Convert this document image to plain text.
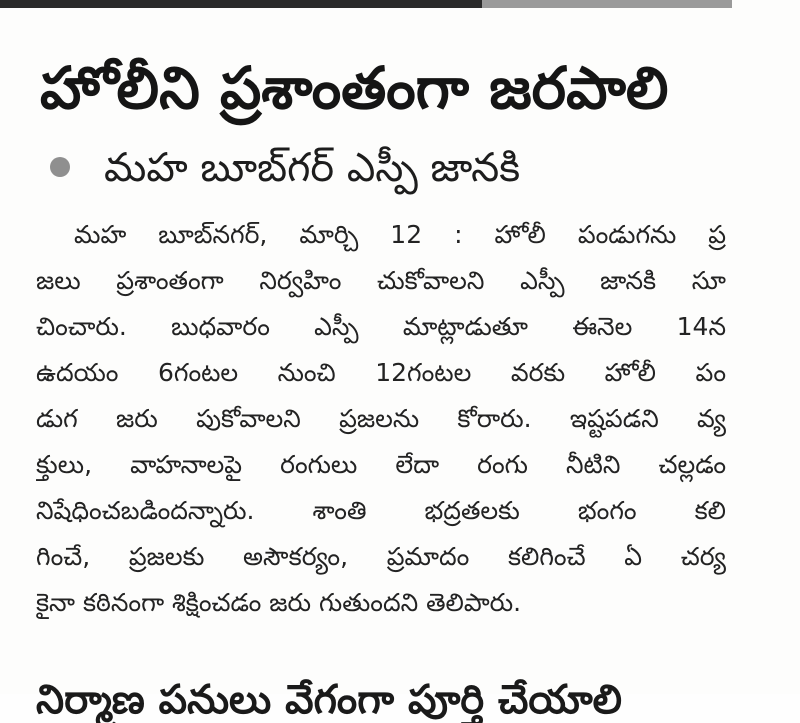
హోలీని ప్రశాంతంగా జరపాలి
మహ బూబ్‌గర్ ఎస్పీ జానకి
మహ బూబ్‌నగర్, మార్చి 12 : హోలీ పండుగను ప్ర
జలు ప్రశాంతంగా నిర్వహిం చుకోవాలని ఎస్పీ జానకి సూ
చించారు. బుధవారం ఎస్పీ మాట్లాడుతూ ఈనెల 14న
ఉదయం 6గంటల నుంచి 12గంటల వరకు హోలీ పం
డుగ జరు పుకోవాలని ప్రజలను కోరారు. ఇష్టపడని వ్య
క్తులు, వాహనాలపై రంగులు లేదా రంగు నీటిని చల్లడం
నిషేధించబడిందన్నారు. శాంతి భద్రతలకు భంగం కలి
గించే, ప్రజలకు అసౌకర్యం, ప్రమాదం కలిగించే ఏ చర్య
కైనా కఠినంగా శిక్షించడం జరు గుతుందని తెలిపారు.
నిర్మాణ పనులు వేగంగా పూర్తి చేయాలి
